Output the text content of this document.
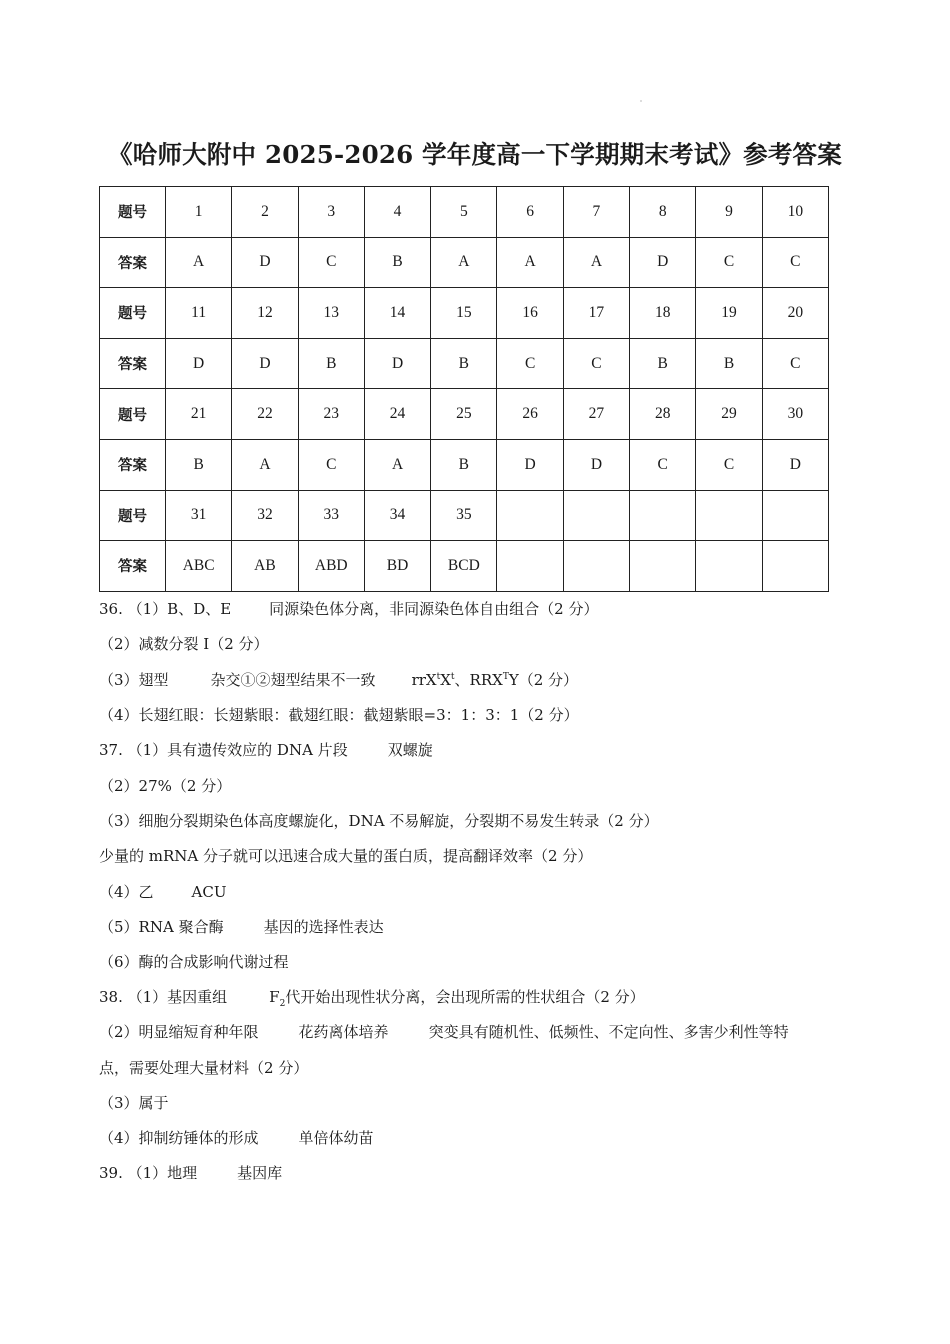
《哈师大附中 2025-2026 学年度高一下学期期末考试》参考答案
题号	1	2	3	4	5	6	7	8	9	10
答案	A	D	C	B	A	A	A	D	C	C
题号	11	12	13	14	15	16	17	18	19	20
答案	D	D	B	D	B	C	C	B	B	C
题号	21	22	23	24	25	26	27	28	29	30
答案	B	A	C	A	B	D	D	C	C	D
题号	31	32	33	34	35					
答案	ABC	AB	ABD	BD	BCD					
36. （1）B、D、E	同源染色体分离，非同源染色体自由组合（2 分）
（2）减数分裂 I（2 分）
（3）翅型	杂交①②翅型结果不一致 $rrX^tX^t$、$RRX^TY(2$ 分）
（4）长翅红眼：长翅紫眼：截翅红眼：截翅紫眼=3：1：3：1（2 分）
37. （1）具有遗传效应的 DNA 片段	双螺旋
（2）27%（2 分）
（3）细胞分裂期染色体高度螺旋化，DNA 不易解旋，分裂期不易发生转录（2 分）
少量的 mRNA 分子就可以迅速合成大量的蛋白质，提高翻译效率（2 分）
（4）乙	ACU
（5）RNA 聚合酶	基因的选择性表达
（6）酶的合成影响代谢过程
38. （1）基因重组	$F_2$代开始出现性状分离，会出现所需的性状组合（2 分）
（2）明显缩短育种年限	花药离体培养	突变具有随机性、低频性、不定向性、多害少利性等特
点，需要处理大量材料（2 分）
（3）属于
（4）抑制纺锤体的形成	单倍体幼苗
39. （1）地理	基因库
